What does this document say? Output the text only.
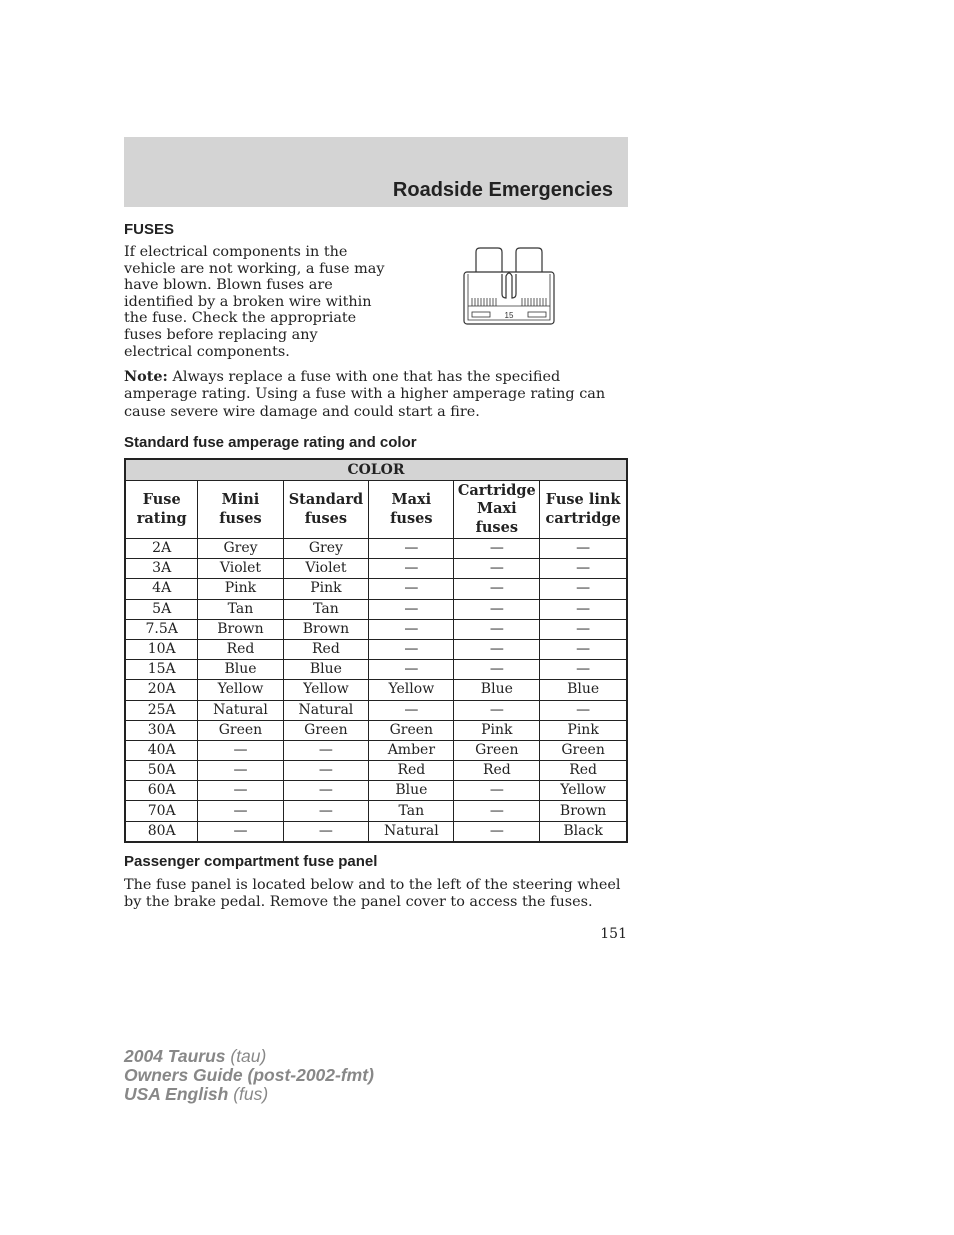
Roadside Emergencies
FUSES

If electrical components in the vehicle are not working, a fuse may have blown. Blown fuses are identified by a broken wire within the fuse. Check the appropriate fuses before replacing any electrical components.

15

Note: Always replace a fuse with one that has the specified amperage rating. Using a fuse with a higher amperage rating can cause severe wire damage and could start a fire.

Standard fuse amperage rating and color
COLOR					
Fuse rating	Mini fuses	Standard fuses	Maxi fuses	Cartridge Maxi fuses	Fuse link cartridge
2A	Grey	Grey	—	—	—
3A	Violet	Violet	—	—	—
4A	Pink	Pink	—	—	—
5A	Tan	Tan	—	—	—
7.5A	Brown	Brown	—	—	—
10A	Red	Red	—	—	—
15A	Blue	Blue	—	—	—
20A	Yellow	Yellow	Yellow	Blue	Blue
25A	Natural	Natural	—	—	—
30A	Green	Green	Green	Pink	Pink
40A	—	—	Amber	Green	Green
50A	—	—	Red	Red	Red
60A	—	—	Blue	—	Yellow
70A	—	—	Tan	—	Brown
80A	—	—	Natural	—	Black
Passenger compartment fuse panel

The fuse panel is located below and to the left of the steering wheel by the brake pedal. Remove the panel cover to access the fuses.

151
2004 Taurus (tau)
Owners Guide (post-2002-fmt)
USA English (fus)
